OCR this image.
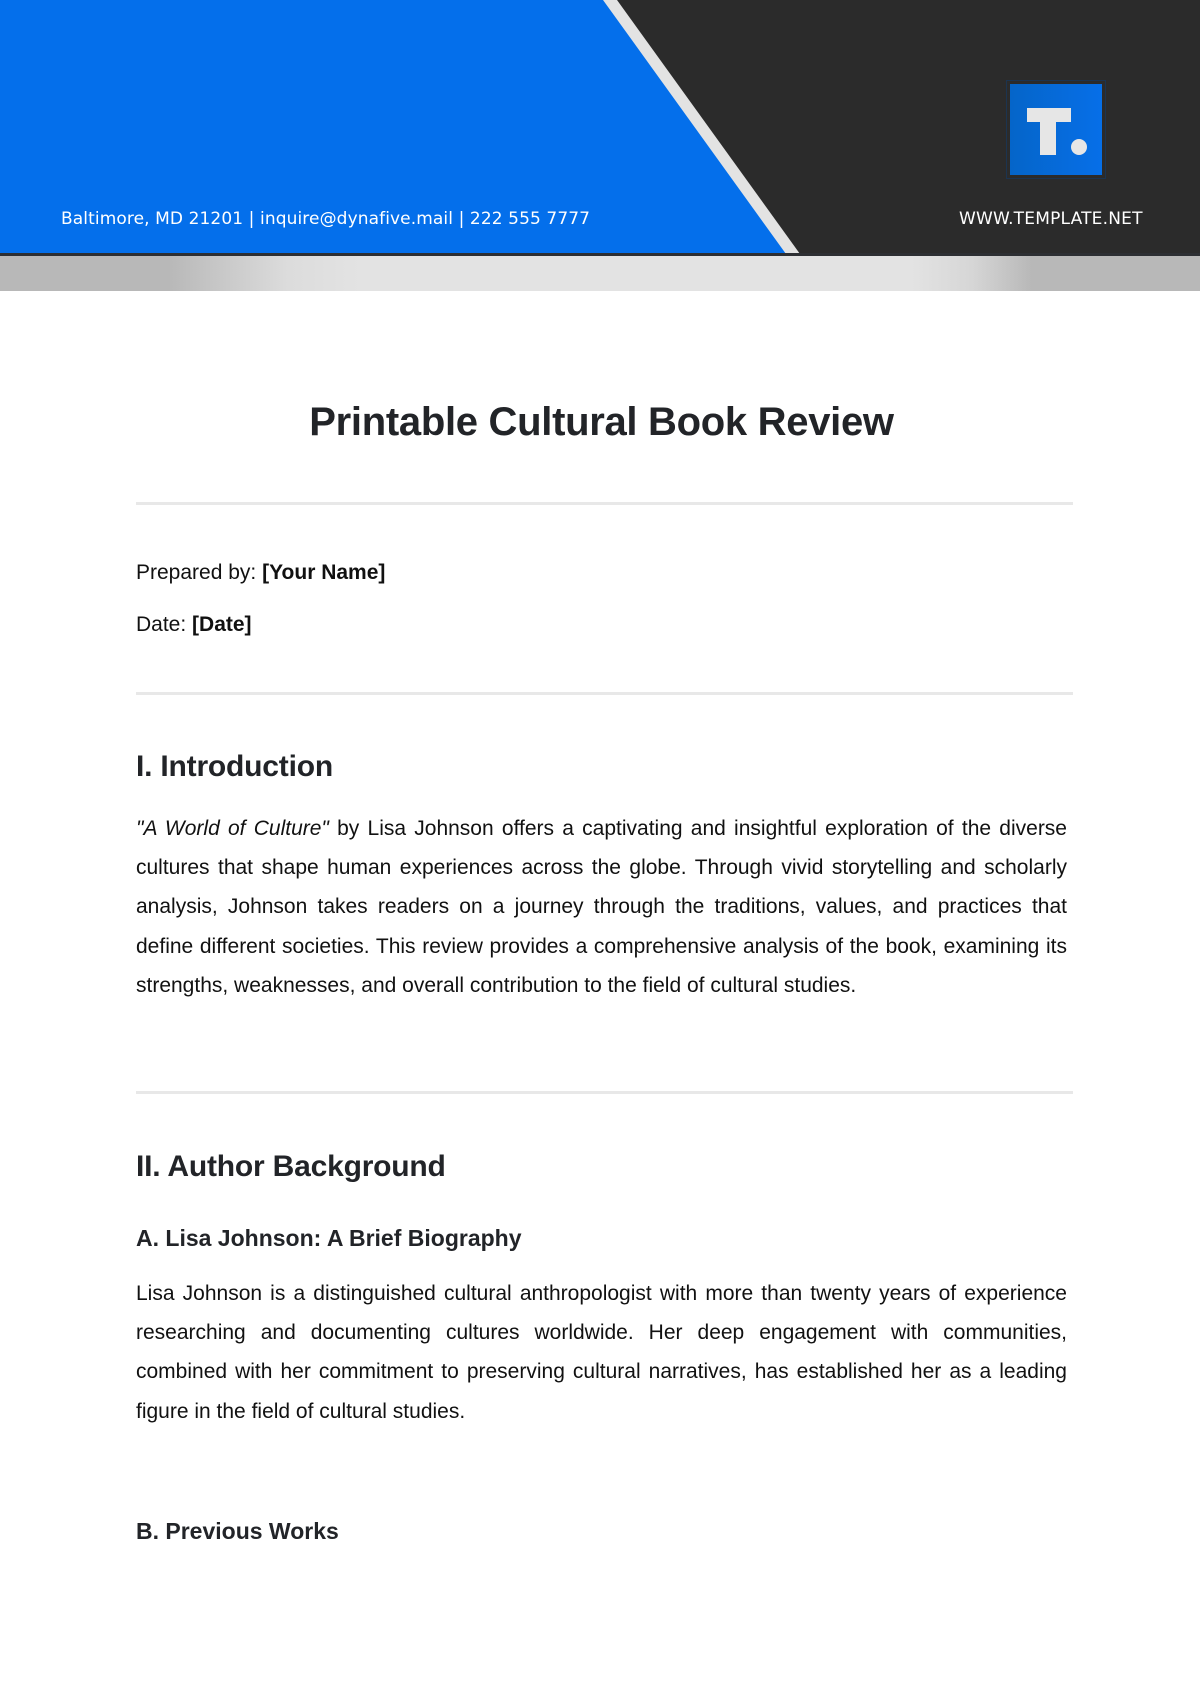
Baltimore, MD 21201 | inquire@dynafive.mail | 222 555 7777	WWW.TEMPLATE.NET
Printable Cultural Book Review
Prepared by: [Your Name]
Date: [Date]
I. Introduction

"A World of Culture" by Lisa Johnson offers a captivating and insightful exploration of the diverse cultures that shape human experiences across the globe. Through vivid storytelling and scholarly analysis, Johnson takes readers on a journey through the traditions, values, and practices that define different societies. This review provides a comprehensive analysis of the book, examining its strengths, weaknesses, and overall contribution to the field of cultural studies.

II. Author Background
A. Lisa Johnson: A Brief Biography

Lisa Johnson is a distinguished cultural anthropologist with more than twenty years of experience researching and documenting cultures worldwide. Her deep engagement with communities, combined with her commitment to preserving cultural narratives, has established her as a leading figure in the field of cultural studies.

B. Previous Works
